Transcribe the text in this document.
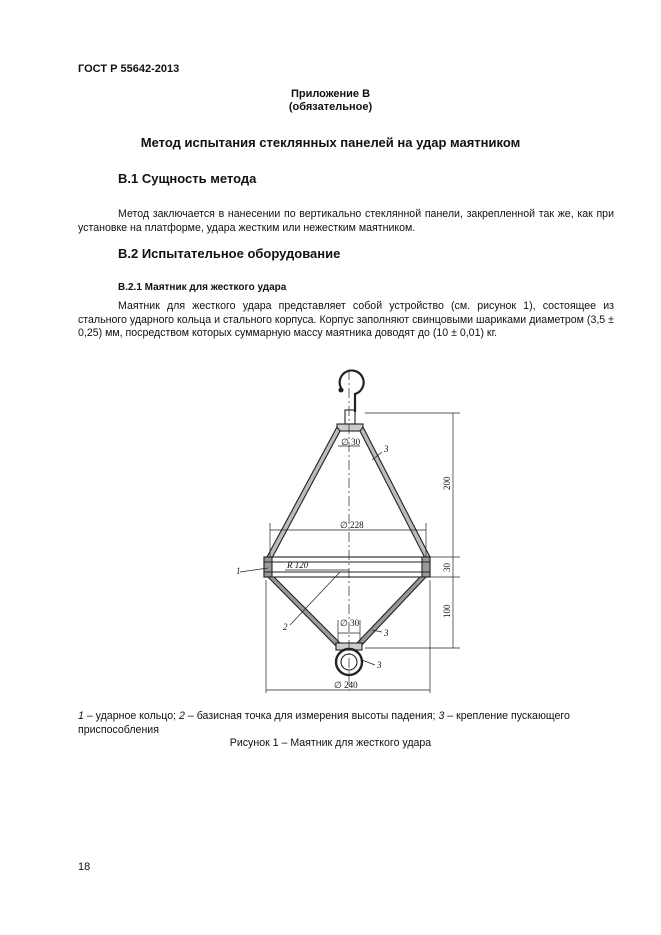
ГОСТ Р 55642-2013
Приложение В
(обязательное)
Метод испытания стеклянных панелей на удар маятником
В.1 Сущность метода
Метод заключается в нанесении по вертикально стеклянной панели, закрепленной так же, как при установке на платформе, удара жестким или нежестким маятником.
В.2 Испытательное оборудование
В.2.1 Маятник для жесткого удара
Маятник для жесткого удара представляет собой устройство (см. рисунок 1), состоящее из стального ударного кольца и стального корпуса. Корпус заполняют свинцовыми шариками диаметром (3,5 ± 0,25) мм, посредством которых суммарную массу маятника доводят до (10 ± 0,01) кг.
∅ 30
∅ 228
R 120
∅ 30
∅ 240
200
30
100
1
2
3
3
3
1 – ударное кольцо; 2 – базисная точка для измерения высоты падения; 3 – крепление пускающего приспособления
Рисунок 1 – Маятник для жесткого удара
18
